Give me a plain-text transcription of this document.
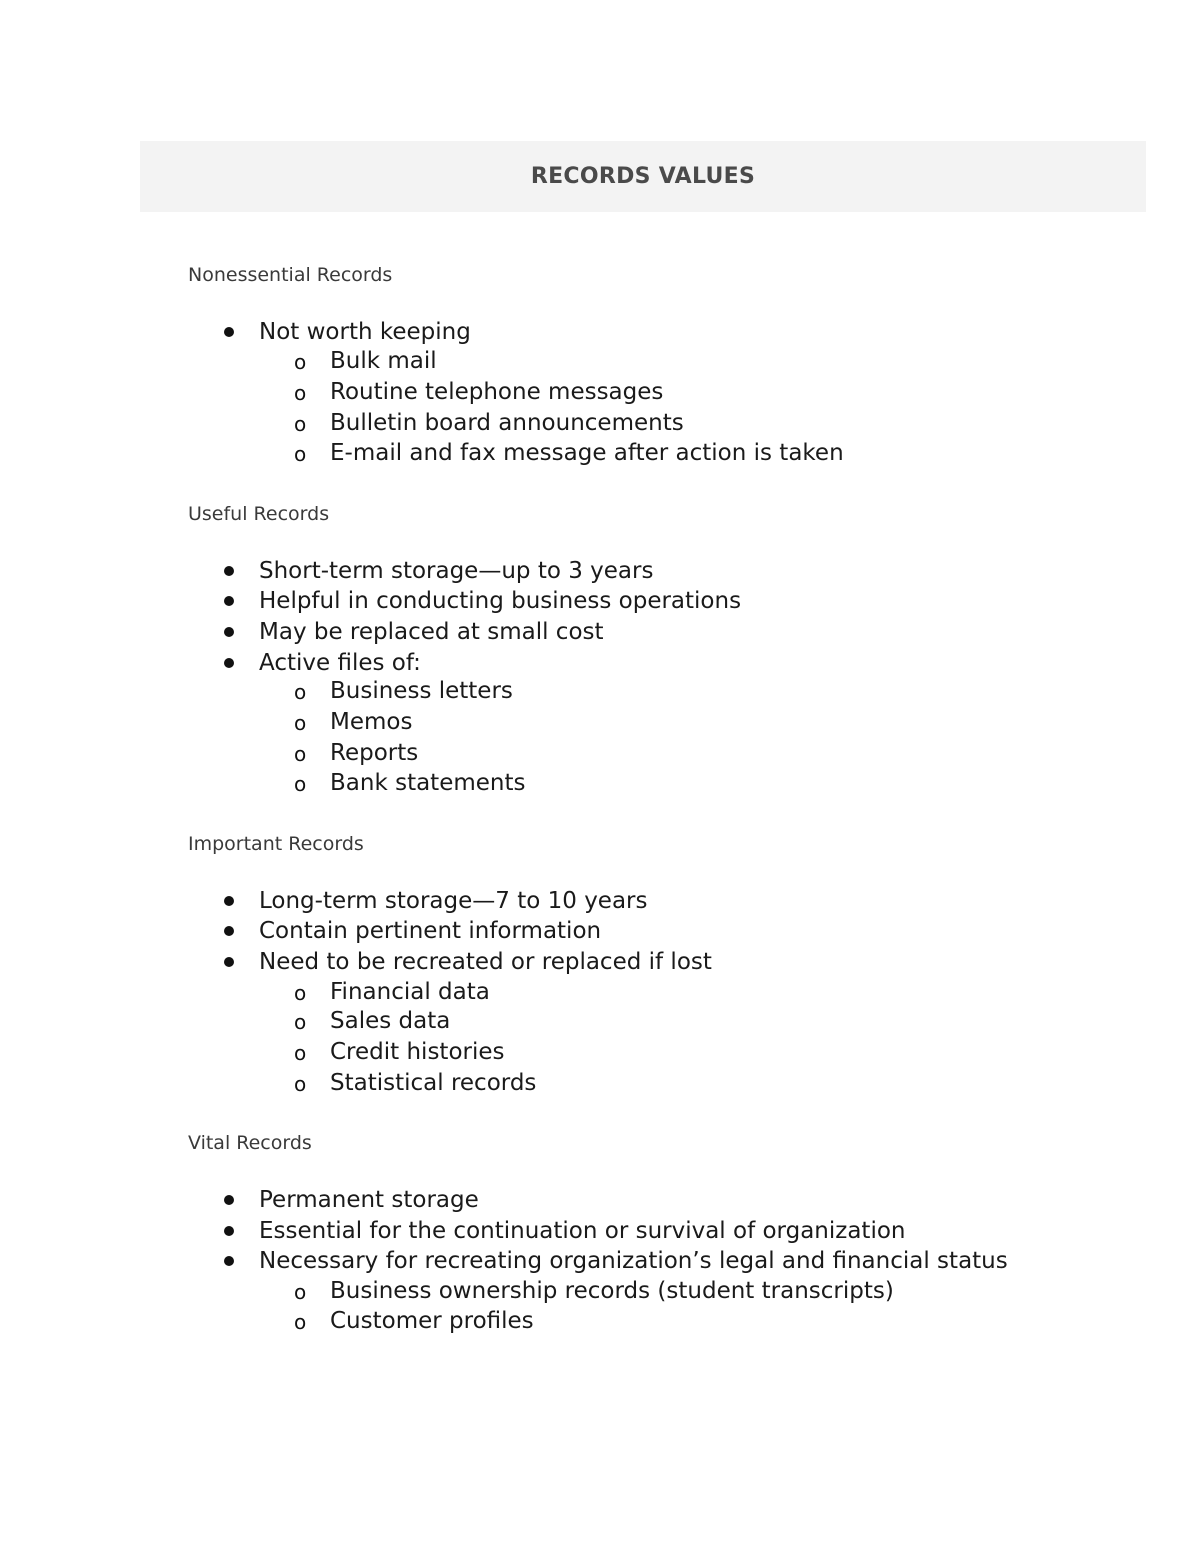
RECORDS VALUES
Nonessential Records
Not worth keeping
o Bulk mail
o Routine telephone messages
o Bulletin board announcements
o E-mail and fax message after action is taken
Useful Records
Short-term storage—up to 3 years
Helpful in conducting business operations
May be replaced at small cost
Active files of:
o Business letters
o Memos
o Reports
o Bank statements
Important Records
Long-term storage—7 to 10 years
Contain pertinent information
Need to be recreated or replaced if lost
o Financial data
o Sales data
o Credit histories
o Statistical records
Vital Records
Permanent storage
Essential for the continuation or survival of organization
Necessary for recreating organization’s legal and financial status
o Business ownership records (student transcripts)
o Customer profiles
